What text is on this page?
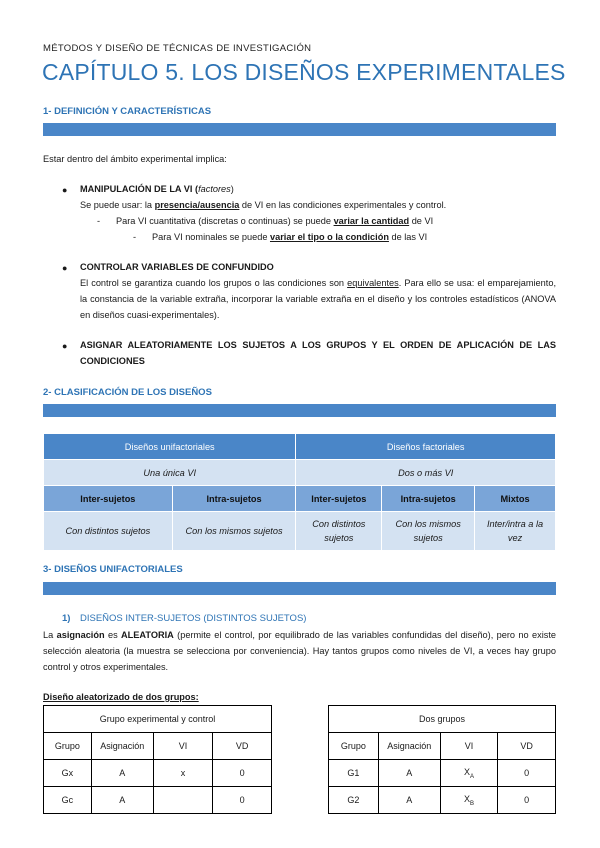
MÉTODOS Y DISEÑO DE TÉCNICAS DE INVESTIGACIÓN
CAPÍTULO 5. LOS DISEÑOS EXPERIMENTALES
1- DEFINICIÓN Y CARACTERÍSTICAS
Estar dentro del ámbito experimental implica:
● MANIPULACIÓN DE LA VI (factores)
Se puede usar: la presencia/ausencia de VI en las condiciones experimentales y control.
- Para VI cuantitativa (discretas o continuas) se puede variar la cantidad de VI
- Para VI nominales se puede variar el tipo o la condición de las VI
● CONTROLAR VARIABLES DE CONFUNDIDO
El control se garantiza cuando los grupos o las condiciones son equivalentes. Para ello se usa: el emparejamiento, la constancia de la variable extraña, incorporar la variable extraña en el diseño y los controles estadísticos (ANOVA en diseños cuasi-experimentales).
● ASIGNAR ALEATORIAMENTE LOS SUJETOS A LOS GRUPOS Y EL ORDEN DE APLICACIÓN DE LAS CONDICIONES
2- CLASIFICACIÓN DE LOS DISEÑOS
Diseños unifactoriales		Diseños factoriales		
Una única VI		Dos o más VI		
Inter-sujetos	Intra-sujetos	Inter-sujetos	Intra-sujetos	Mixtos
Con distintos sujetos	Con los mismos sujetos	Con distintos sujetos	Con los mismos sujetos	Inter/intra a la vez
3- DISEÑOS UNIFACTORIALES
1) DISEÑOS INTER-SUJETOS (DISTINTOS SUJETOS)
La asignación es ALEATORIA (permite el control, por equilibrado de las variables confundidas del diseño), pero no existe selección aleatoria (la muestra se selecciona por conveniencia). Hay tantos grupos como niveles de VI, a veces hay grupo control y otros experimentales.
Diseño aleatorizado de dos grupos:
Grupo experimental y control			
Grupo	Asignación	VI	VD
Gx	A	x	0
Gc	A		0
Dos grupos			
Grupo	Asignación	VI	VD
G1	A	$X_A$	0
G2	A	$X_B$	0
